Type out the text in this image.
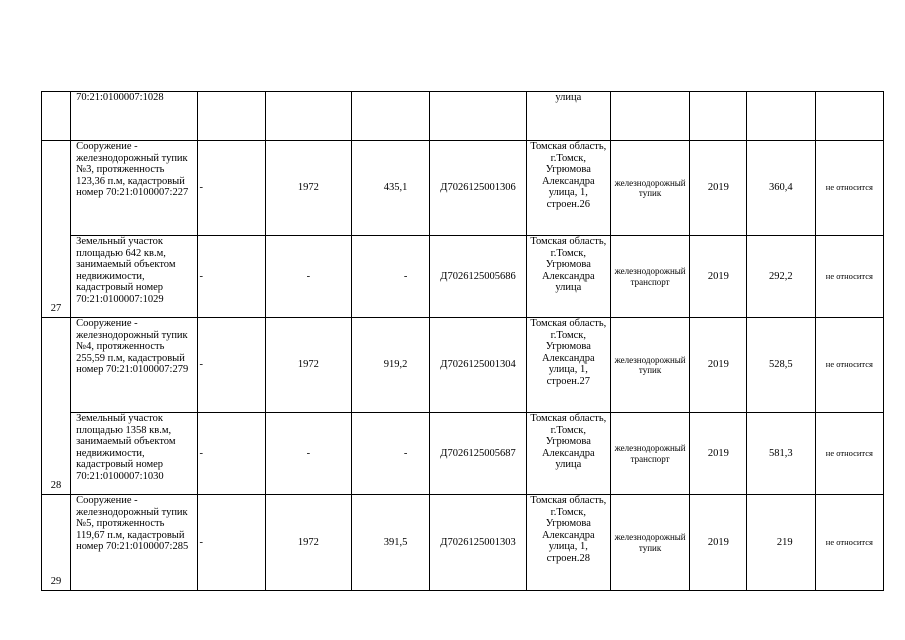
	70:21:0100007:1028					улица				
27	Сооружение - железнодорожный тупик №3, протяженность 123,36 п.м, кадастровый номер 70:21:0100007:227	-	1972	435,1	Д7026125001306	Томская область, г.Томск, Угрюмова Александра улица, 1, строен.26	железнодорожный тупик	2019	360,4	не относится
	Земельный участок площадью 642 кв.м, занимаемый объектом недвижимости, кадастровый номер 70:21:0100007:1029	-	-	-	Д7026125005686	Томская область, г.Томск, Угрюмова Александра улица	железнодорожный транспорт	2019	292,2	не относится
28	Сооружение - железнодорожный тупик №4, протяженность 255,59 п.м, кадастровый номер 70:21:0100007:279	-	1972	919,2	Д7026125001304	Томская область, г.Томск, Угрюмова Александра улица, 1, строен.27	железнодорожный тупик	2019	528,5	не относится
	Земельный участок площадью 1358 кв.м, занимаемый объектом недвижимости, кадастровый номер 70:21:0100007:1030	-	-	-	Д7026125005687	Томская область, г.Томск, Угрюмова Александра улица	железнодорожный транспорт	2019	581,3	не относится
29	Сооружение - железнодорожный тупик №5, протяженность 119,67 п.м, кадастровый номер 70:21:0100007:285	-	1972	391,5	Д7026125001303	Томская область, г.Томск, Угрюмова Александра улица, 1, строен.28	железнодорожный тупик	2019	219	не относится
